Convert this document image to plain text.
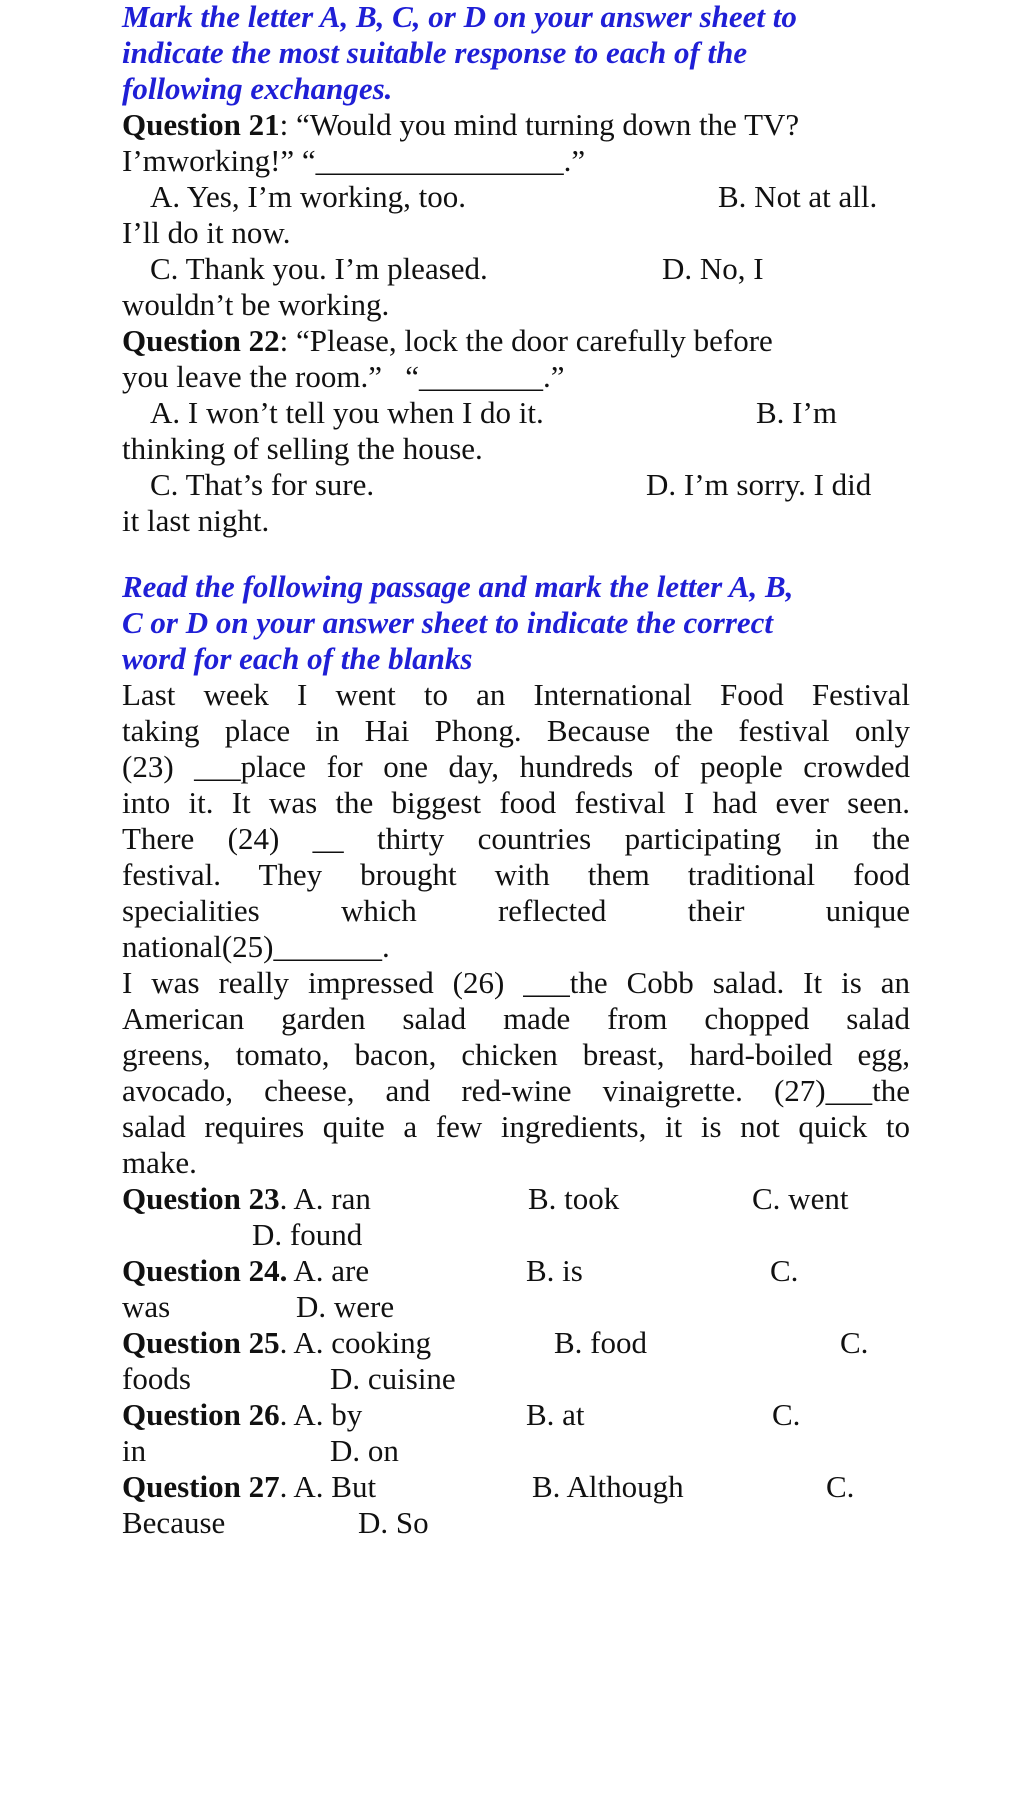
Mark the letter A, B, C, or D on your answer sheet to
indicate the most suitable response to each of the
following exchanges.
Question 21: “Would you mind turning down the TV?
I’mworking!” “________________.”
A. Yes, I’m working, too.	B. Not at all.
I’ll do it now.
C. Thank you. I’m pleased.	D. No, I
wouldn’t be working.
Question 22: “Please, lock the door carefully before
you leave the room.”   “________.”
A. I won’t tell you when I do it.	B. I’m
thinking of selling the house.
C. That’s for sure.	D. I’m sorry. I did
it last night.
Read the following passage and mark the letter A, B,
C or D on your answer sheet to indicate the correct
word for each of the blanks
Last week I went to an International Food Festival
taking place in Hai Phong. Because the festival only
(23) ___place for one day, hundreds of people crowded
into it. It was the biggest food festival I had ever seen.
There (24) __ thirty countries participating in the
festival. They brought with them traditional food
specialities which reflected their unique
national(25)_______.
I was really impressed (26) ___the Cobb salad. It is an
American garden salad made from chopped salad
greens, tomato, bacon, chicken breast, hard-boiled egg,
avocado, cheese, and red-wine vinaigrette. (27)___the
salad requires quite a few ingredients, it is not quick to
make.
Question 23. A. ran	B. took	C. went
D. found
Question 24. A. are	B. is	C.
was	D. were
Question 25. A. cooking	B. food	C.
foods	D. cuisine
Question 26. A. by	B. at	C.
in	D. on
Question 27. A. But	B. Although	C.
Because	D. So
